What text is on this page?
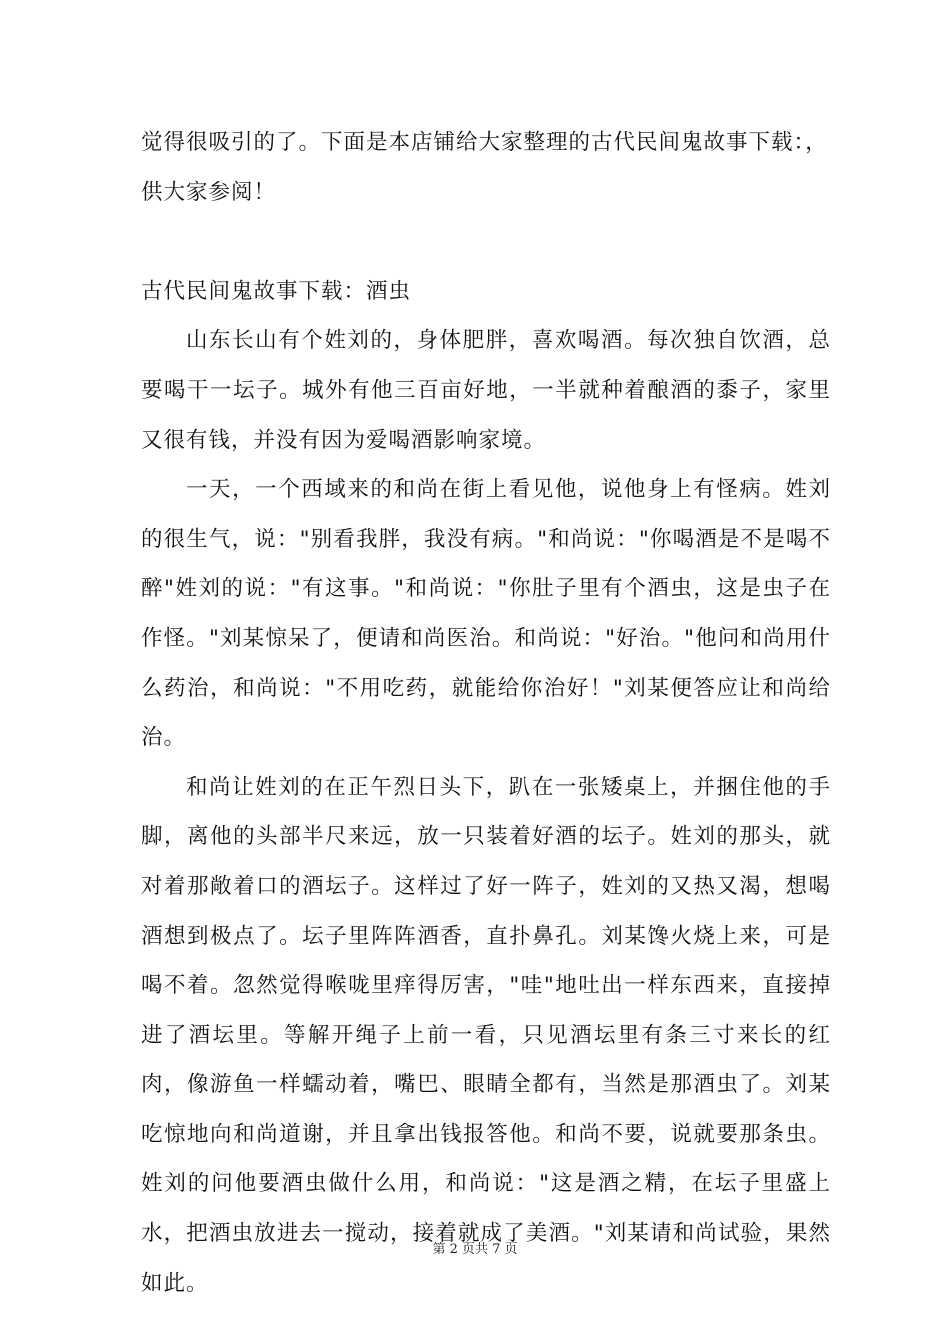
觉得很吸引的了。下面是本店铺给大家整理的古代民间鬼故事下载：，
供大家参阅！

古代民间鬼故事下载：酒虫

山东长山有个姓刘的，身体肥胖，喜欢喝酒。每次独自饮酒，总要喝干一坛子。城外有他三百亩好地，一半就种着酿酒的黍子，家里又很有钱，并没有因为爱喝酒影响家境。

一天，一个西域来的和尚在街上看见他，说他身上有怪病。姓刘的很生气，说："别看我胖，我没有病。"和尚说："你喝酒是不是喝不醉"姓刘的说："有这事。"和尚说："你肚子里有个酒虫，这是虫子在作怪。"刘某惊呆了，便请和尚医治。和尚说："好治。"他问和尚用什么药治，和尚说："不用吃药，就能给你治好！"刘某便答应让和尚给治。

和尚让姓刘的在正午烈日头下，趴在一张矮桌上，并捆住他的手脚，离他的头部半尺来远，放一只装着好酒的坛子。姓刘的那头，就对着那敞着口的酒坛子。这样过了好一阵子，姓刘的又热又渴，想喝酒想到极点了。坛子里阵阵酒香，直扑鼻孔。刘某馋火烧上来，可是喝不着。忽然觉得喉咙里痒得厉害，"哇"地吐出一样东西来，直接掉进了酒坛里。等解开绳子上前一看，只见酒坛里有条三寸来长的红肉，像游鱼一样蠕动着，嘴巴、眼睛全都有，当然是那酒虫了。刘某吃惊地向和尚道谢，并且拿出钱报答他。和尚不要，说就要那条虫。姓刘的问他要酒虫做什么用，和尚说："这是酒之精，在坛子里盛上水，把酒虫放进去一搅动，接着就成了美酒。"刘某请和尚试验，果然如此。

第 2 页共 7 页
